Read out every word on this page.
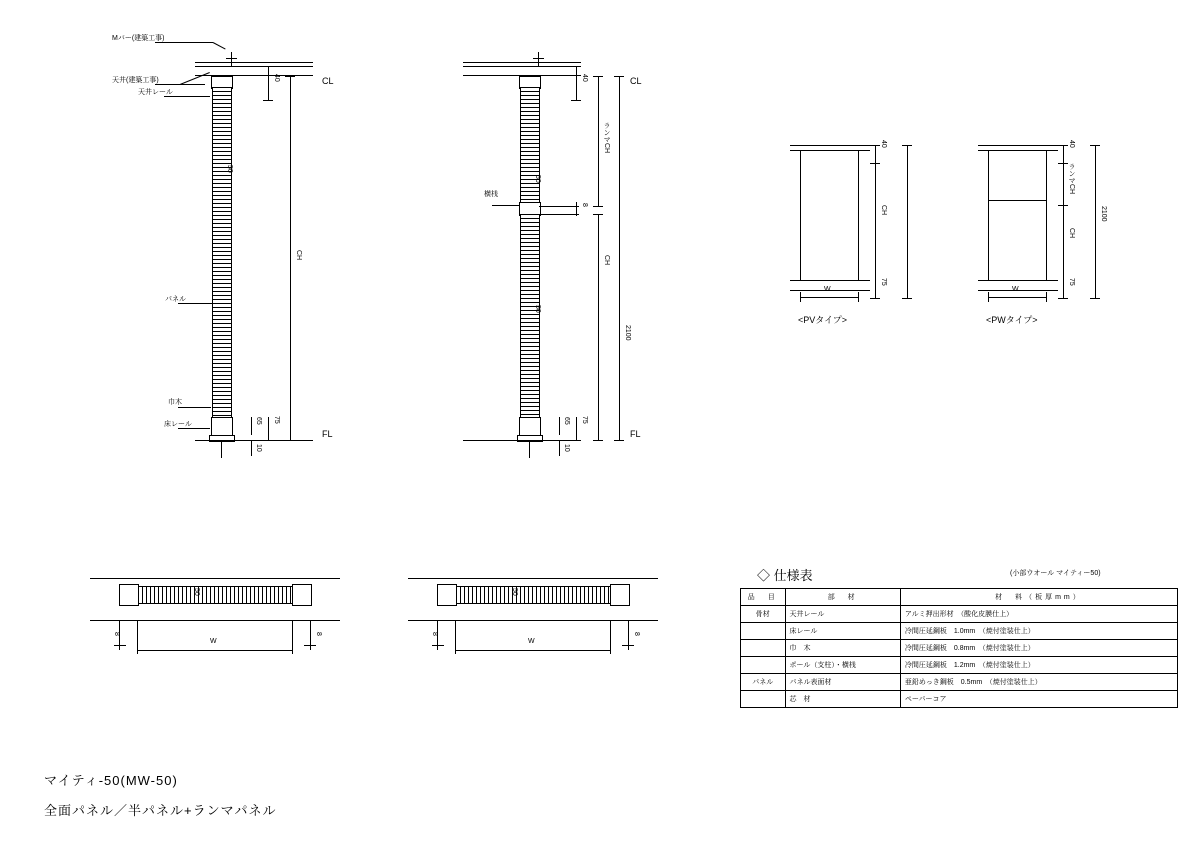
Mバー(建築工事)
天井(建築工事)
天井レール
パネル
巾木
床レール
50
40
CH
65 75
10
CL
FL
横桟
50
50
40
ランマCH
8
CH
2100
65 75
10
CL
FL
40
CH
75
W
<PVタイプ>
40
ランマCH
CH
75
2100
W
<PWタイプ>
50
W
8	8
50
W
8	8
◇ 仕様表	(小部ウオール マイティー50)
品　目	部　材	材　料（板厚mm）
骨材	天井レール	アルミ押出形材　（酸化皮膜仕上）
	床レール	冷間圧延鋼板　1.0mm　（焼付塗装仕上）
	巾　木	冷間圧延鋼板　0.8mm　（焼付塗装仕上）
	ポール（支柱）・横桟	冷間圧延鋼板　1.2mm　（焼付塗装仕上）
パネル	パネル表面材	亜鉛めっき鋼板　0.5mm　（焼付塗装仕上）
	芯　材	ペーパーコア
マイティ-50(MW-50)
全面パネル／半パネル+ランマパネル
